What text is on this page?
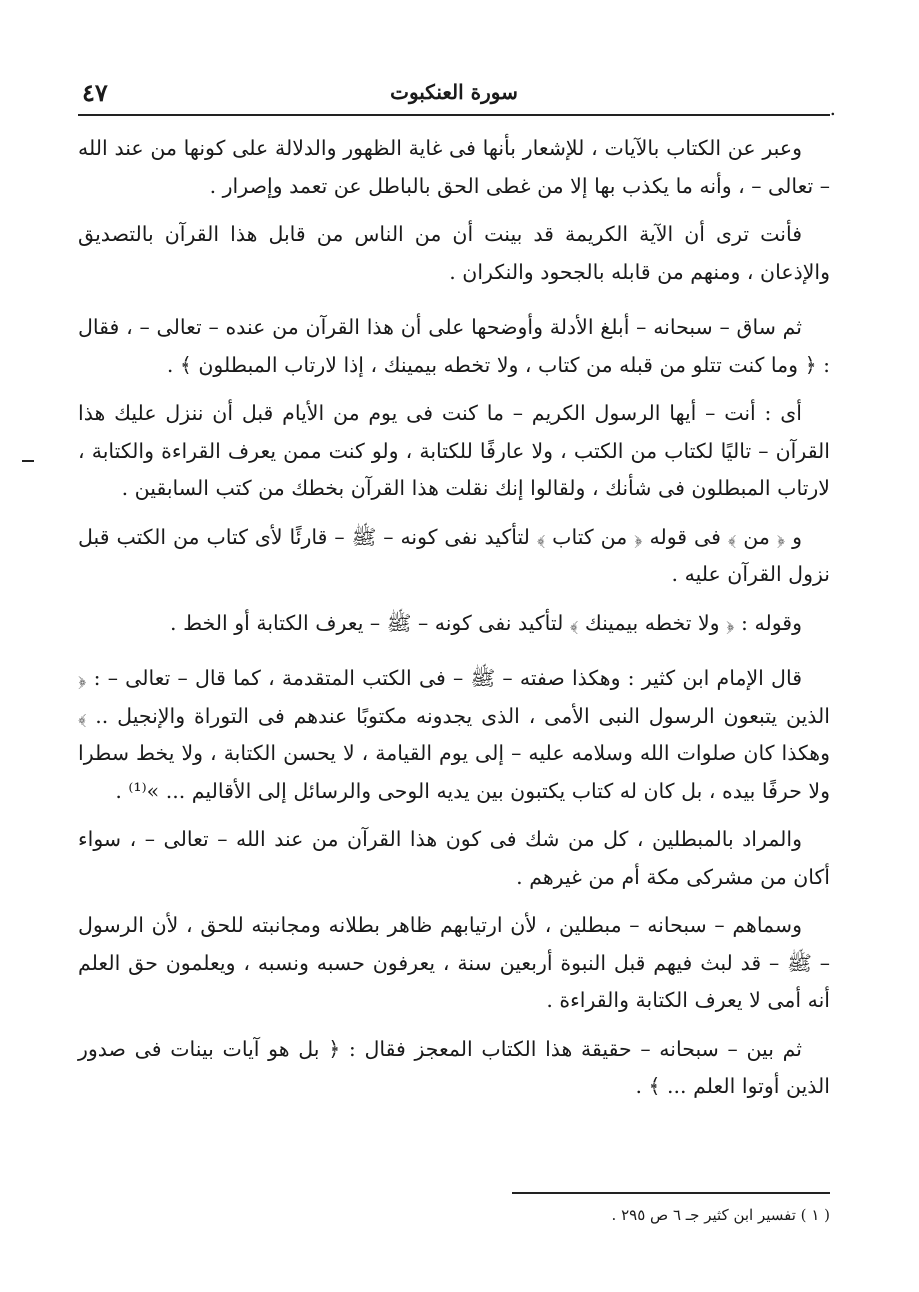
.
سورة العنكبوت
٤٧

وعبر عن الكتاب بالآيات ، للإشعار بأنها فى غاية الظهور والدلالة على كونها من عند الله – تعالى – ، وأنه ما يكذب بها إلا من غطى الحق بالباطل عن تعمد وإصرار .

فأنت ترى أن الآية الكريمة قد بينت أن من الناس من قابل هذا القرآن بالتصديق والإذعان ، ومنهم من قابله بالجحود والنكران .

ثم ساق – سبحانه – أبلغ الأدلة وأوضحها على أن هذا القرآن من عنده – تعالى – ، فقال : ﴿ وما كنت تتلو من قبله من كتاب ، ولا تخطه بيمينك ، إذا لارتاب المبطلون ﴾ .

أى : أنت – أيها الرسول الكريم – ما كنت فى يوم من الأيام قبل أن ننزل عليك هذا القرآن – تاليًا لكتاب من الكتب ، ولا عارفًا للكتابة ، ولو كنت ممن يعرف القراءة والكتابة ، لارتاب المبطلون فى شأنك ، ولقالوا إنك نقلت هذا القرآن بخطك من كتب السابقين .

و ﴿ من ﴾ فى قوله ﴿ من كتاب ﴾ لتأكيد نفى كونه – ﷺ – قارئًا لأى كتاب من الكتب قبل نزول القرآن عليه .

وقوله : ﴿ ولا تخطه بيمينك ﴾ لتأكيد نفى كونه – ﷺ – يعرف الكتابة أو الخط .

قال الإمام ابن كثير : وهكذا صفته – ﷺ – فى الكتب المتقدمة ، كما قال – تعالى – : ﴿ الذين يتبعون الرسول النبى الأمى ، الذى يجدونه مكتوبًا عندهم فى التوراة والإنجيل .. ﴾ وهكذا كان صلوات الله وسلامه عليه – إلى يوم القيامة ، لا يحسن الكتابة ، ولا يخط سطرا ولا حرفًا بيده ، بل كان له كتاب يكتبون بين يديه الوحى والرسائل إلى الأقاليم ... »⁽¹⁾ .

والمراد بالمبطلين ، كل من شك فى كون هذا القرآن من عند الله – تعالى – ، سواء أكان من مشركى مكة أم من غيرهم .

وسماهم – سبحانه – مبطلين ، لأن ارتيابهم ظاهر بطلانه ومجانبته للحق ، لأن الرسول – ﷺ – قد لبث فيهم قبل النبوة أربعين سنة ، يعرفون حسبه ونسبه ، ويعلمون حق العلم أنه أمى لا يعرف الكتابة والقراءة .

ثم بين – سبحانه – حقيقة هذا الكتاب المعجز فقال : ﴿ بل هو آيات بينات فى صدور الذين أوتوا العلم ... ﴾ .

( ١ ) تفسير ابن كثير جـ ٦ ص ٢٩٥ .
